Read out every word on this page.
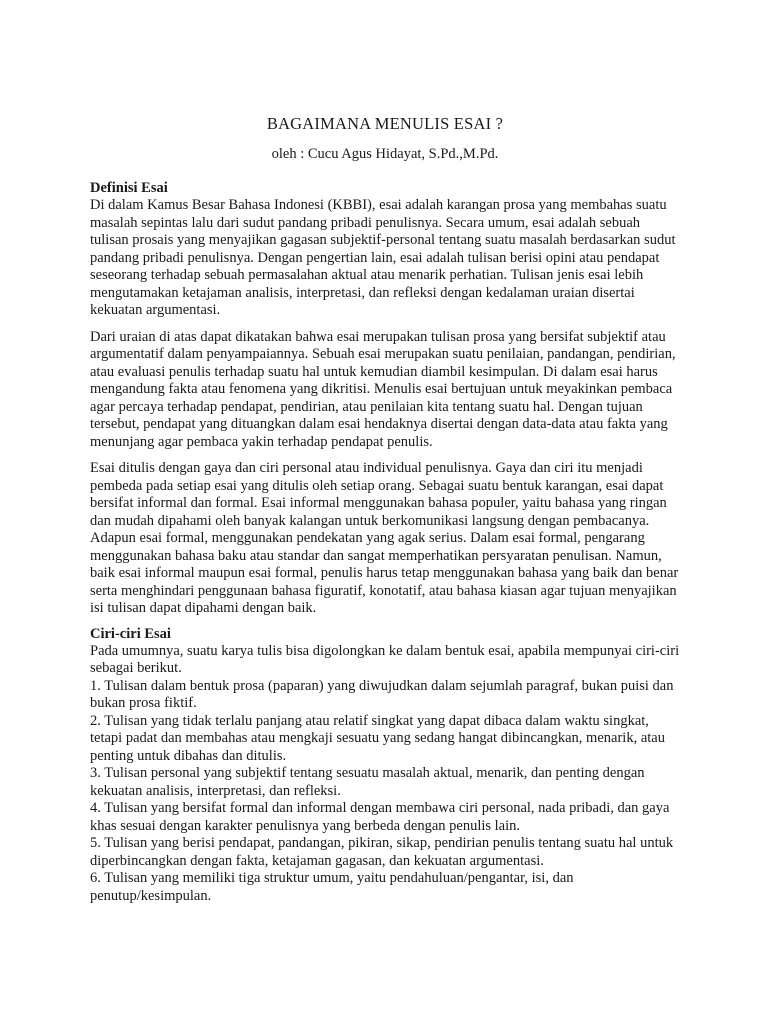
BAGAIMANA MENULIS ESAI ?
oleh : Cucu Agus Hidayat, S.Pd.,M.Pd.
Definisi Esai

Di dalam Kamus Besar Bahasa Indonesi (KBBI), esai adalah karangan prosa yang membahas suatu masalah sepintas lalu dari sudut pandang pribadi penulisnya. Secara umum, esai adalah sebuah tulisan prosais yang menyajikan gagasan subjektif-personal tentang suatu masalah berdasarkan sudut pandang pribadi penulisnya. Dengan pengertian lain, esai adalah tulisan berisi opini atau pendapat seseorang terhadap sebuah permasalahan aktual atau menarik perhatian. Tulisan jenis esai lebih mengutamakan ketajaman analisis, interpretasi, dan refleksi dengan kedalaman uraian disertai kekuatan argumentasi.

Dari uraian di atas dapat dikatakan bahwa esai merupakan tulisan prosa yang bersifat subjektif atau argumentatif dalam penyampaiannya. Sebuah esai merupakan suatu penilaian, pandangan, pendirian, atau evaluasi penulis terhadap suatu hal untuk kemudian diambil kesimpulan. Di dalam esai harus mengandung fakta atau fenomena yang dikritisi. Menulis esai bertujuan untuk meyakinkan pembaca agar percaya terhadap pendapat, pendirian, atau penilaian kita tentang suatu hal. Dengan tujuan tersebut, pendapat yang dituangkan dalam esai hendaknya disertai dengan data-data atau fakta yang menunjang agar pembaca yakin terhadap pendapat penulis.

Esai ditulis dengan gaya dan ciri personal atau individual penulisnya. Gaya dan ciri itu menjadi pembeda pada setiap esai yang ditulis oleh setiap orang. Sebagai suatu bentuk karangan, esai dapat bersifat informal dan formal. Esai informal menggunakan bahasa populer, yaitu bahasa yang ringan dan mudah dipahami oleh banyak kalangan untuk berkomunikasi langsung dengan pembacanya. Adapun esai formal, menggunakan pendekatan yang agak serius. Dalam esai formal, pengarang menggunakan bahasa baku atau standar dan sangat memperhatikan persyaratan penulisan. Namun, baik esai informal maupun esai formal, penulis harus tetap menggunakan bahasa yang baik dan benar serta menghindari penggunaan bahasa figuratif, konotatif, atau bahasa kiasan agar tujuan menyajikan isi tulisan dapat dipahami dengan baik.

Ciri-ciri Esai

Pada umumnya, suatu karya tulis bisa digolongkan ke dalam bentuk esai, apabila mempunyai ciri-ciri sebagai berikut.

1. Tulisan dalam bentuk prosa (paparan) yang diwujudkan dalam sejumlah paragraf, bukan puisi dan bukan prosa fiktif.
2. Tulisan yang tidak terlalu panjang atau relatif singkat yang dapat dibaca dalam waktu singkat, tetapi padat dan membahas atau mengkaji sesuatu yang sedang hangat dibincangkan, menarik, atau penting untuk dibahas dan ditulis.
3. Tulisan personal yang subjektif tentang sesuatu masalah aktual, menarik, dan penting dengan kekuatan analisis, interpretasi, dan refleksi.
4. Tulisan yang bersifat formal dan informal dengan membawa ciri personal, nada pribadi, dan gaya khas sesuai dengan karakter penulisnya yang berbeda dengan penulis lain.
5. Tulisan yang berisi pendapat, pandangan, pikiran, sikap, pendirian penulis tentang suatu hal untuk diperbincangkan dengan fakta, ketajaman gagasan, dan kekuatan argumentasi.
6. Tulisan yang memiliki tiga struktur umum, yaitu pendahuluan/pengantar, isi, dan penutup/kesimpulan.
